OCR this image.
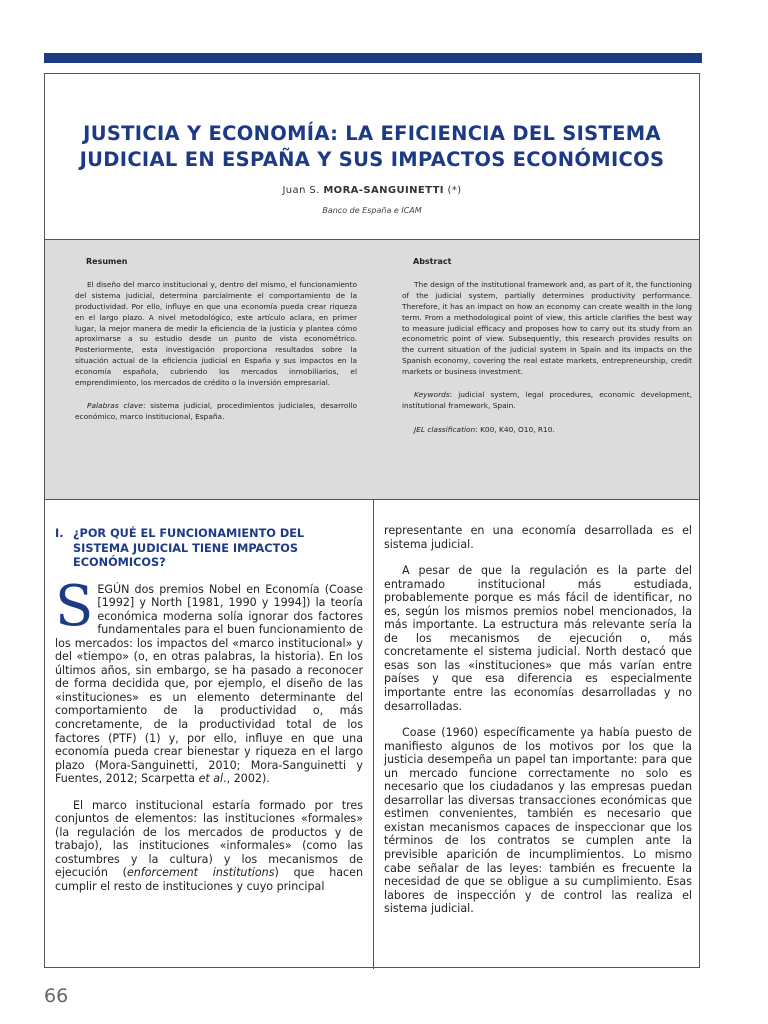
JUSTICIA Y ECONOMÍA: LA EFICIENCIA DEL SISTEMA
JUDICIAL EN ESPAÑA Y SUS IMPACTOS ECONÓMICOS
Juan S. MORA-SANGUINETTI (*)
Banco de España e ICAM
Resumen

El diseño del marco institucional y, dentro del mismo, el funcionamiento del sistema judicial, determina parcialmente el comportamiento de la productividad. Por ello, influye en que una economía pueda crear riqueza en el largo plazo. A nivel metodológico, este artículo aclara, en primer lugar, la mejor manera de medir la eficiencia de la justicia y plantea cómo aproximarse a su estudio desde un punto de vista econométrico. Posteriormente, esta investigación proporciona resultados sobre la situación actual de la eficiencia judicial en España y sus impactos en la economía española, cubriendo los mercados inmobiliarios, el emprendimiento, los mercados de crédito o la inversión empresarial.

Palabras clave: sistema judicial, procedimientos judiciales, desarrollo económico, marco institucional, España.

Abstract

The design of the institutional framework and, as part of it, the functioning of the judicial system, partially determines productivity performance. Therefore, it has an impact on how an economy can create wealth in the long term. From a methodological point of view, this article clarifies the best way to measure judicial efficacy and proposes how to carry out its study from an econometric point of view. Subsequently, this research provides results on the current situation of the judicial system in Spain and its impacts on the Spanish economy, covering the real estate markets, entrepreneurship, credit markets or business investment.

Keywords: judicial system, legal procedures, economic development, institutional framework, Spain.

JEL classification: K00, K40, O10, R10.

I. ¿POR QUÉ EL FUNCIONAMIENTO DEL SISTEMA JUDICIAL TIENE IMPACTOS ECONÓMICOS?

SEGÚN dos premios Nobel en Economía (Coase [1992] y North [1981, 1990 y 1994]) la teoría económica moderna solía ignorar dos factores fundamentales para el buen funcionamiento de los mercados: los impactos del «marco institucional» y del «tiempo» (o, en otras palabras, la historia). En los últimos años, sin embargo, se ha pasado a reconocer de forma decidida que, por ejemplo, el diseño de las «instituciones» es un elemento determinante del comportamiento de la productividad o, más concretamente, de la productividad total de los factores (PTF) (1) y, por ello, influye en que una economía pueda crear bienestar y riqueza en el largo plazo (Mora-Sanguinetti, 2010; Mora-Sanguinetti y Fuentes, 2012; Scarpetta et al., 2002).

El marco institucional estaría formado por tres conjuntos de elementos: las instituciones «formales» (la regulación de los mercados de productos y de trabajo), las instituciones «informales» (como las costumbres y la cultura) y los mecanismos de ejecución (enforcement institutions) que hacen cumplir el resto de instituciones y cuyo principal

representante en una economía desarrollada es el sistema judicial.

A pesar de que la regulación es la parte del entramado institucional más estudiada, probablemente porque es más fácil de identificar, no es, según los mismos premios nobel mencionados, la más importante. La estructura más relevante sería la de los mecanismos de ejecución o, más concretamente el sistema judicial. North destacó que esas son las «instituciones» que más varían entre países y que esa diferencia es especialmente importante entre las economías desarrolladas y no desarrolladas.

Coase (1960) específicamente ya había puesto de manifiesto algunos de los motivos por los que la justicia desempeña un papel tan importante: para que un mercado funcione correctamente no solo es necesario que los ciudadanos y las empresas puedan desarrollar las diversas transacciones económicas que estimen convenientes, también es necesario que existan mecanismos capaces de inspeccionar que los términos de los contratos se cumplen ante la previsible aparición de incumplimientos. Lo mismo cabe señalar de las leyes: también es frecuente la necesidad de que se obligue a su cumplimiento. Esas labores de inspección y de control las realiza el sistema judicial.

66
